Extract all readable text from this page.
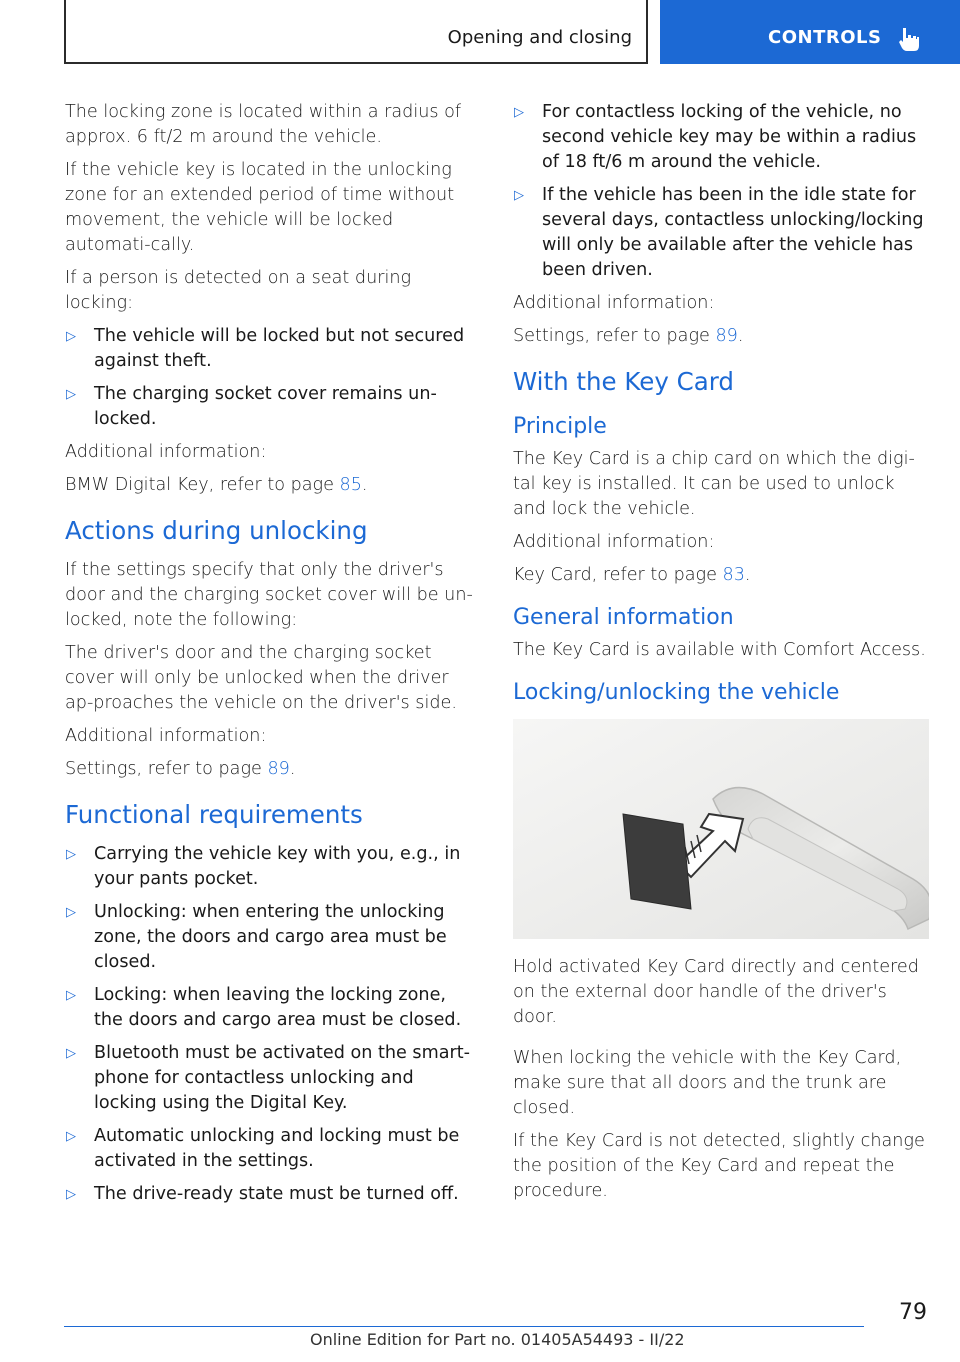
Opening and closing	CONTROLS

The locking zone is located within a radius of approx. 6 ft/2 m around the vehicle.

If the vehicle key is located in the unlocking zone for an extended period of time without movement, the vehicle will be locked automati‐cally.

If a person is detected on a seat during locking:

▷ The vehicle will be locked but not secured against theft.
▷ The charging socket cover remains un‐locked.

Additional information:

BMW Digital Key, refer to page 85.

Actions during unlocking

If the settings specify that only the driver's door and the charging socket cover will be un‐locked, note the following:

The driver's door and the charging socket cover will only be unlocked when the driver ap‐proaches the vehicle on the driver's side.

Additional information:

Settings, refer to page 89.

Functional requirements
▷ Carrying the vehicle key with you, e.g., in your pants pocket.
▷ Unlocking: when entering the unlocking zone, the doors and cargo area must be closed.
▷ Locking: when leaving the locking zone, the doors and cargo area must be closed.
▷ Bluetooth must be activated on the smart‐phone for contactless unlocking and locking using the Digital Key.
▷ Automatic unlocking and locking must be activated in the settings.
▷ The drive-ready state must be turned off.
▷ For contactless locking of the vehicle, no second vehicle key may be within a radius of 18 ft/6 m around the vehicle.
▷ If the vehicle has been in the idle state for several days, contactless unlocking/locking will only be available after the vehicle has been driven.

Additional information:

Settings, refer to page 89.

With the Key Card
Principle

The Key Card is a chip card on which the digi‐tal key is installed. It can be used to unlock and lock the vehicle.

Additional information:

Key Card, refer to page 83.

General information

The Key Card is available with Comfort Access.

Locking/unlocking the vehicle

Hold activated Key Card directly and centered on the external door handle of the driver's door.

When locking the vehicle with the Key Card, make sure that all doors and the trunk are closed.

If the Key Card is not detected, slightly change the position of the Key Card and repeat the procedure.

79
Online Edition for Part no. 01405A54493 - II/22
